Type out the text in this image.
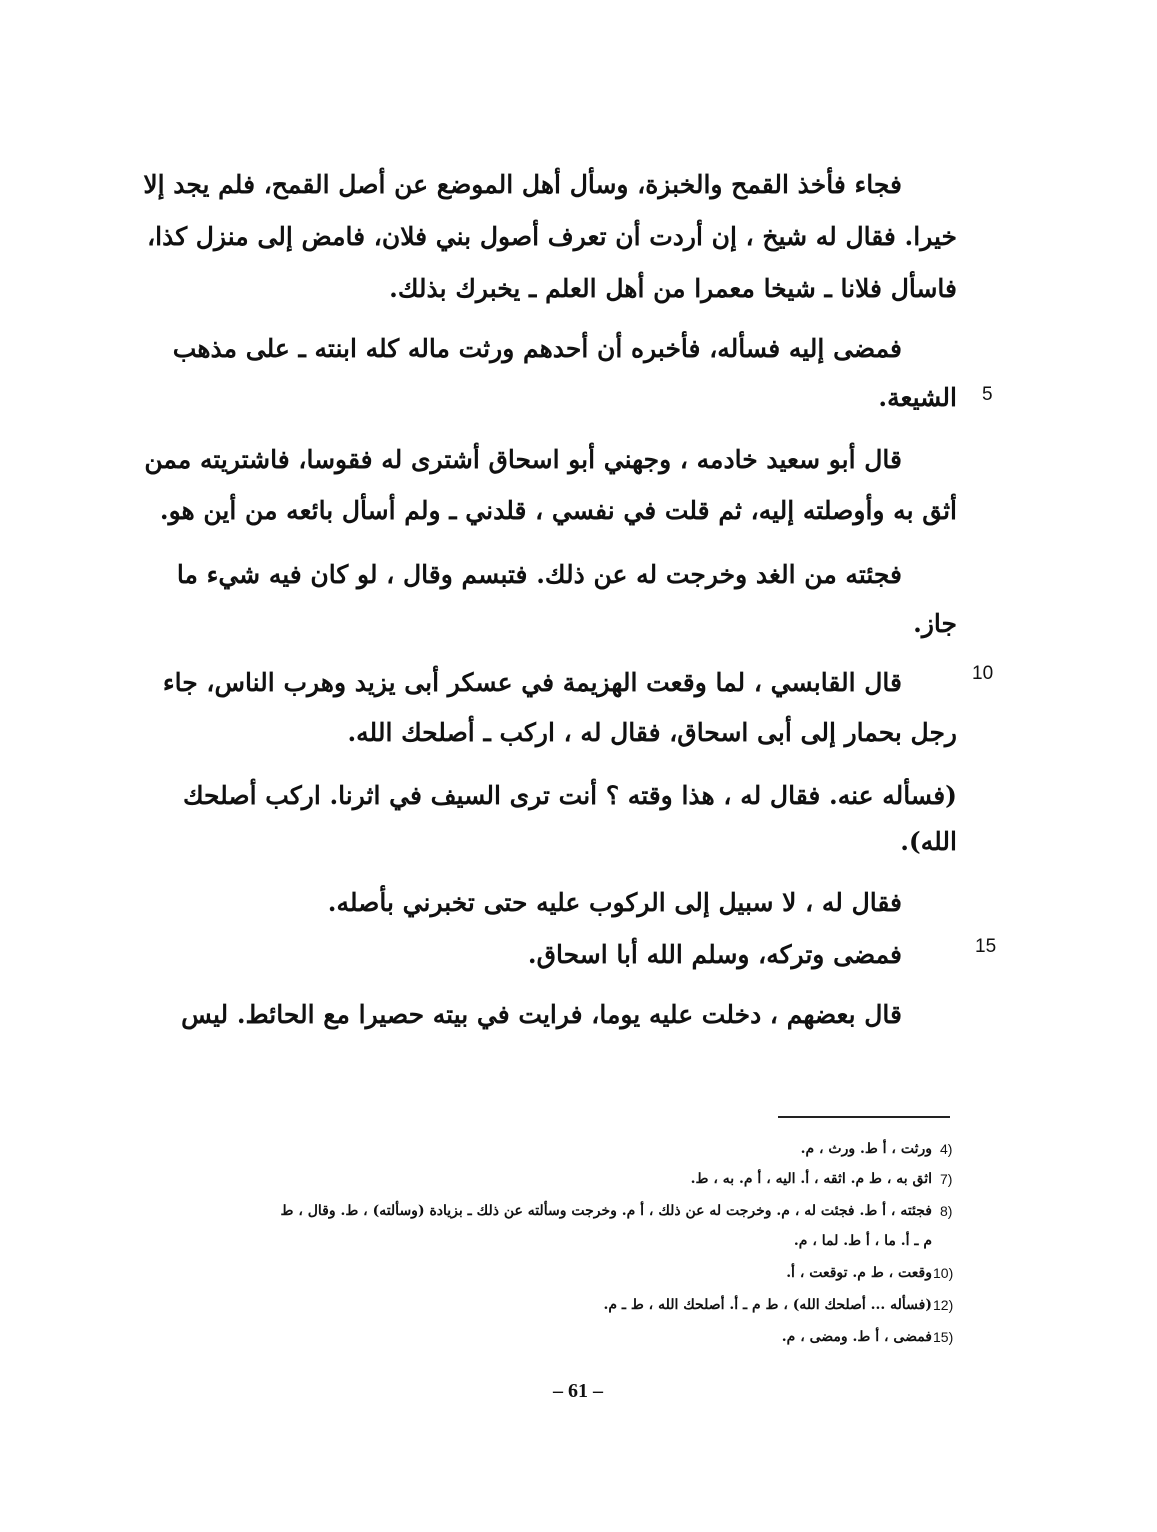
فجاء فأخذ القمح والخبزة، وسأل أهل الموضع عن أصل القمح، فلم يجد إلا
خيرا. فقال له شيخ ، إن أردت أن تعرف أصول بني فلان، فامض إلى منزل كذا،
فاسأل فلانا ـ شيخا معمرا من أهل العلم ـ يخبرك بذلك.
فمضى إليه فسأله، فأخبره أن أحدهم ورثت ماله كله ابنته ـ على مذهب
الشيعة. 5
قال أبو سعيد خادمه ، وجهني أبو اسحاق أشترى له فقوسا، فاشتريته ممن
أثق به وأوصلته إليه، ثم قلت في نفسي ، قلدني ـ ولم أسأل بائعه من أين هو.
فجئته من الغد وخرجت له عن ذلك. فتبسم وقال ، لو كان فيه شيء ما
جاز.
قال القابسي ، لما وقعت الهزيمة في عسكر أبى يزيد وهرب الناس، جاء	10
رجل بحمار إلى أبى اسحاق، فقال له ، اركب ـ أصلحك الله.
(فسأله عنه. فقال له ، هذا وقته ؟ أنت ترى السيف في اثرنا. اركب أصلحك
الله).
فقال له ، لا سبيل إلى الركوب عليه حتى تخبرني بأصله.
فمضى وتركه، وسلم الله أبا اسحاق.	15
قال بعضهم ، دخلت عليه يوما، فرايت في بيته حصيرا مع الحائط. ليس
4)
ورثت ، أ ط. ورث ، م.
7)
اثق به ، ط م. اثقه ، أ. اليه ، أ م. به ، ط.
8)
فجئته ، أ ط. فجئت له ، م. وخرجت له عن ذلك ، أ م. وخرجت وسألته عن ذلك ـ بزيادة (وسألته) ، ط. وقال ، ط
م ـ أ. ما ، أ ط. لما ، م.
10)
وقعت ، ط م. توقعت ، أ.
12)
(فسأله ... أصلحك الله) ، ط م ـ أ. أصلحك الله ، ط ـ م.
15)
فمضى ، أ ط. ومضى ، م.
– 61 –
